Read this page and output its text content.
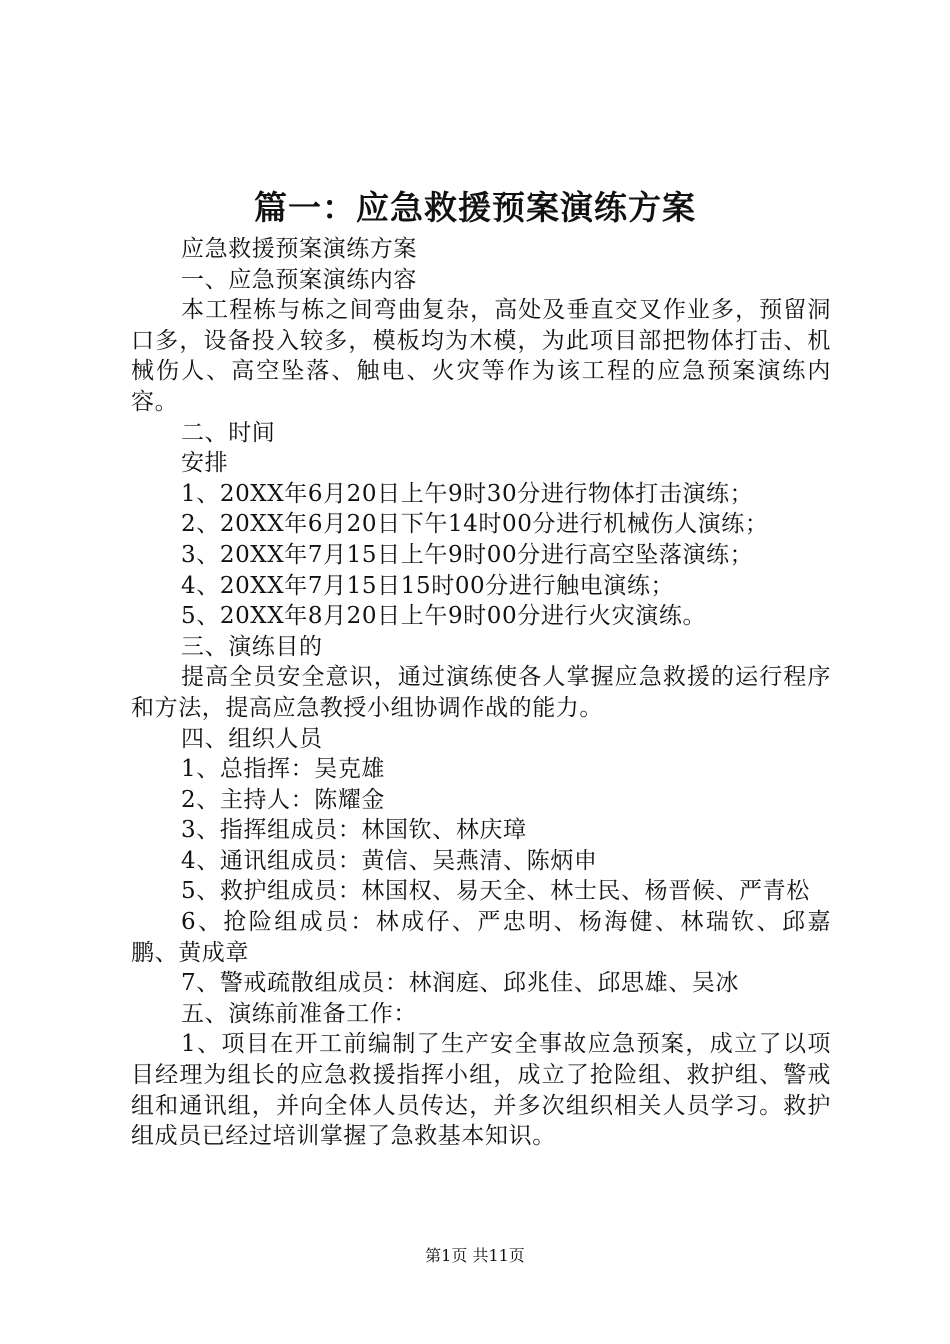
篇一：应急救援预案演练方案

应急救援预案演练方案

一、应急预案演练内容

本工程栋与栋之间弯曲复杂，高处及垂直交叉作业多，预留洞口多，设备投入较多，模板均为木模，为此项目部把物体打击、机械伤人、高空坠落、触电、火灾等作为该工程的应急预案演练内容。

二、时间

安排

1、20XX年6月20日上午9时30分进行物体打击演练；

2、20XX年6月20日下午14时00分进行机械伤人演练；

3、20XX年7月15日上午9时00分进行高空坠落演练；

4、20XX年7月15日15时00分进行触电演练；

5、20XX年8月20日上午9时00分进行火灾演练。

三、演练目的

提高全员安全意识，通过演练使各人掌握应急救援的运行程序和方法，提高应急教授小组协调作战的能力。

四、组织人员

1、总指挥：吴克雄

2、主持人：陈耀金

3、指挥组成员：林国钦、林庆璋

4、通讯组成员：黄信、吴燕清、陈炳申

5、救护组成员：林国权、易天全、林士民、杨晋候、严青松

6、抢险组成员：林成仔、严忠明、杨海健、林瑞钦、邱嘉鹏、黄成章

7、警戒疏散组成员：林润庭、邱兆佳、邱思雄、吴冰

五、演练前准备工作：

1、项目在开工前编制了生产安全事故应急预案，成立了以项目经理为组长的应急救援指挥小组，成立了抢险组、救护组、警戒组和通讯组，并向全体人员传达，并多次组织相关人员学习。救护组成员已经过培训掌握了急救基本知识。

第1页 共11页
